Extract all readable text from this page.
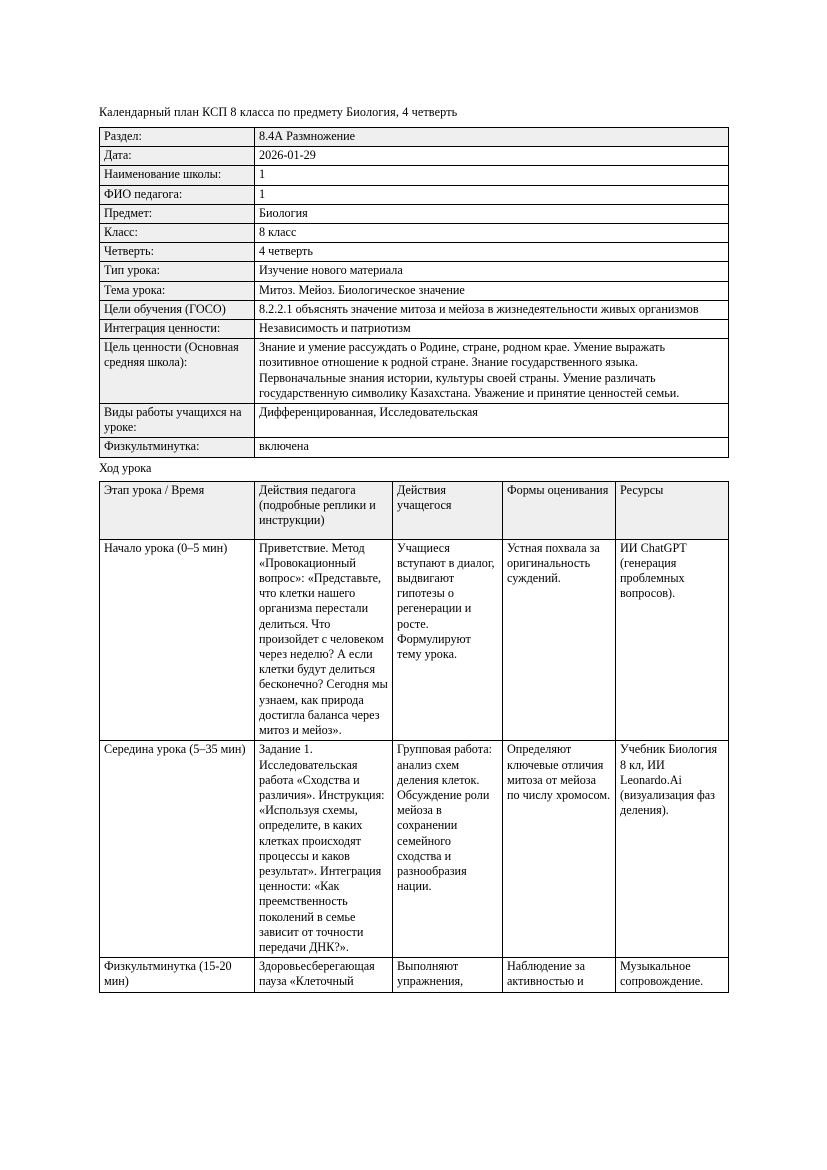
Календарный план КСП 8 класса по предмету Биология, 4 четверть

Раздел:	8.4А Размножение
Дата:	2026-01-29
Наименование школы:	1
ФИО педагога:	1
Предмет:	Биология
Класс:	8 класс
Четверть:	4 четверть
Тип урока:	Изучение нового материала
Тема урока:	Митоз. Мейоз. Биологическое значение
Цели обучения (ГОСО)	8.2.2.1 объяснять значение митоза и мейоза в жизнедеятельности живых организмов
Интеграция ценности:	Независимость и патриотизм
Цель ценности (Основная средняя школа):	Знание и умение рассуждать о Родине, стране, родном крае. Умение выражать позитивное отношение к родной стране. Знание государственного языка. Первоначальные знания истории, культуры своей страны. Умение различать государственную символику Казахстана. Уважение и принятие ценностей семьи.
Виды работы учащихся на уроке:	Дифференцированная, Исследовательская
Физкультминутка:	включена

Ход урока

Этап урока / Время	Действия педагога (подробные реплики и инструкции)	Действия учащегося	Формы оценивания	Ресурсы
Начало урока (0–5 мин)	Приветствие. Метод «Провокационный вопрос»: «Представьте, что клетки нашего организма перестали делиться. Что произойдет с человеком через неделю? А если клетки будут делиться бесконечно? Сегодня мы узнаем, как природа достигла баланса через митоз и мейоз».	Учащиеся вступают в диалог, выдвигают гипотезы о регенерации и росте. Формулируют тему урока.	Устная похвала за оригинальность суждений.	ИИ ChatGPT (генерация проблемных вопросов).
Середина урока (5–35 мин)	Задание 1. Исследовательская работа «Сходства и различия». Инструкция: «Используя схемы, определите, в каких клетках происходят процессы и каков результат». Интеграция ценности: «Как преемственность поколений в семье зависит от точности передачи ДНК?».	Групповая работа: анализ схем деления клеток. Обсуждение роли мейоза в сохранении семейного сходства и разнообразия нации.	Определяют ключевые отличия митоза от мейоза по числу хромосом.	Учебник Биология 8 кл, ИИ Leonardo.Ai (визуализация фаз деления).
Физкультминутка (15-20 мин)	Здоровьесберегающая пауза «Клеточный	Выполняют упражнения,	Наблюдение за активностью и	Музыкальное сопровождение.
